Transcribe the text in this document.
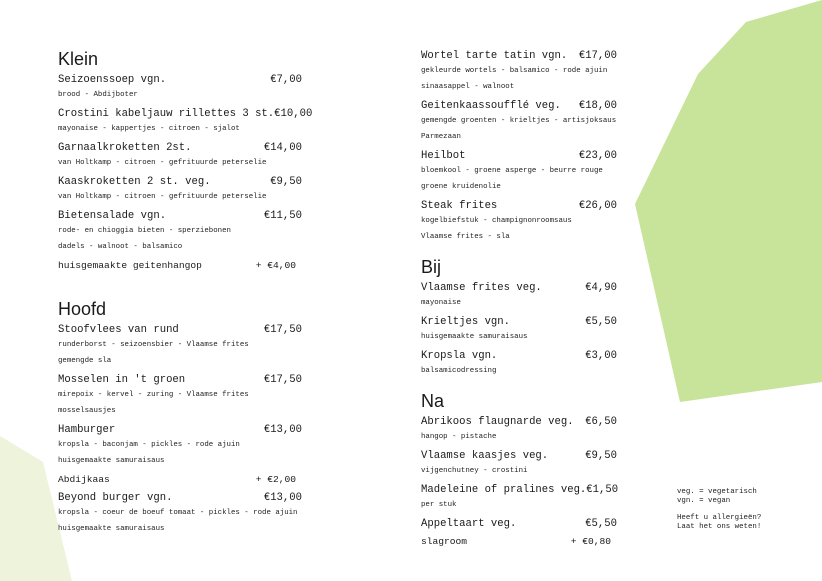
Klein
Seizoenssoep vgn.	€7,00
brood - Abdijboter
Crostini kabeljauw rillettes 3 st. €10,00
mayonaise - kappertjes - citroen - sjalot
Garnaalkroketten 2st.	€14,00
van Holtkamp - citroen - gefrituurde peterselie
Kaaskroketten 2 st. veg.	€9,50
van Holtkamp - citroen - gefrituurde peterselie
Bietensalade vgn.	€11,50
rode- en chioggia bieten - sperziebonen
dadels - walnoot - balsamico
huisgemaakte geitenhangop	+ €4,00
Hoofd
Stoofvlees van rund	€17,50
runderborst - seizoensbier - Vlaamse frites
gemengde sla
Mosselen in 't groen	€17,50
mirepoix - kervel - zuring - Vlaamse frites
mosselsausjes
Hamburger	€13,00
kropsla - baconjam - pickles - rode ajuin
huisgemaakte samuraisaus
Abdijkaas	+ €2,00
Beyond burger vgn.	€13,00
kropsla - coeur de boeuf tomaat - pickles - rode ajuin
huisgemaakte samuraisaus
Wortel tarte tatin vgn. €17,00
gekleurde wortels - balsamico - rode ajuin
sinaasappel - walnoot
Geitenkaassoufflé veg. €18,00
gemengde groenten - krieltjes - artisjoksaus
Parmezaan
Heilbot	€23,00
bloemkool - groene asperge - beurre rouge
groene kruidenolie
Steak frites	€26,00
kogelbiefstuk - champignonroomsaus
Vlaamse frites - sla
Bij
Vlaamse frites veg.	€4,90
mayonaise
Krieltjes vgn.	€5,50
huisgemaakte samuraisaus
Kropsla vgn.	€3,00
balsamicodressing
Na
Abrikoos flaugnarde veg. €6,50
hangop - pistache
Vlaamse kaasjes veg.	€9,50
vijgenchutney - crostini
Madeleine of pralines veg. €1,50
per stuk
Appeltaart veg.	€5,50
slagroom	+ €0,80
veg. = vegetarisch
vgn. = vegan
Heeft u allergieën?
Laat het ons weten!
